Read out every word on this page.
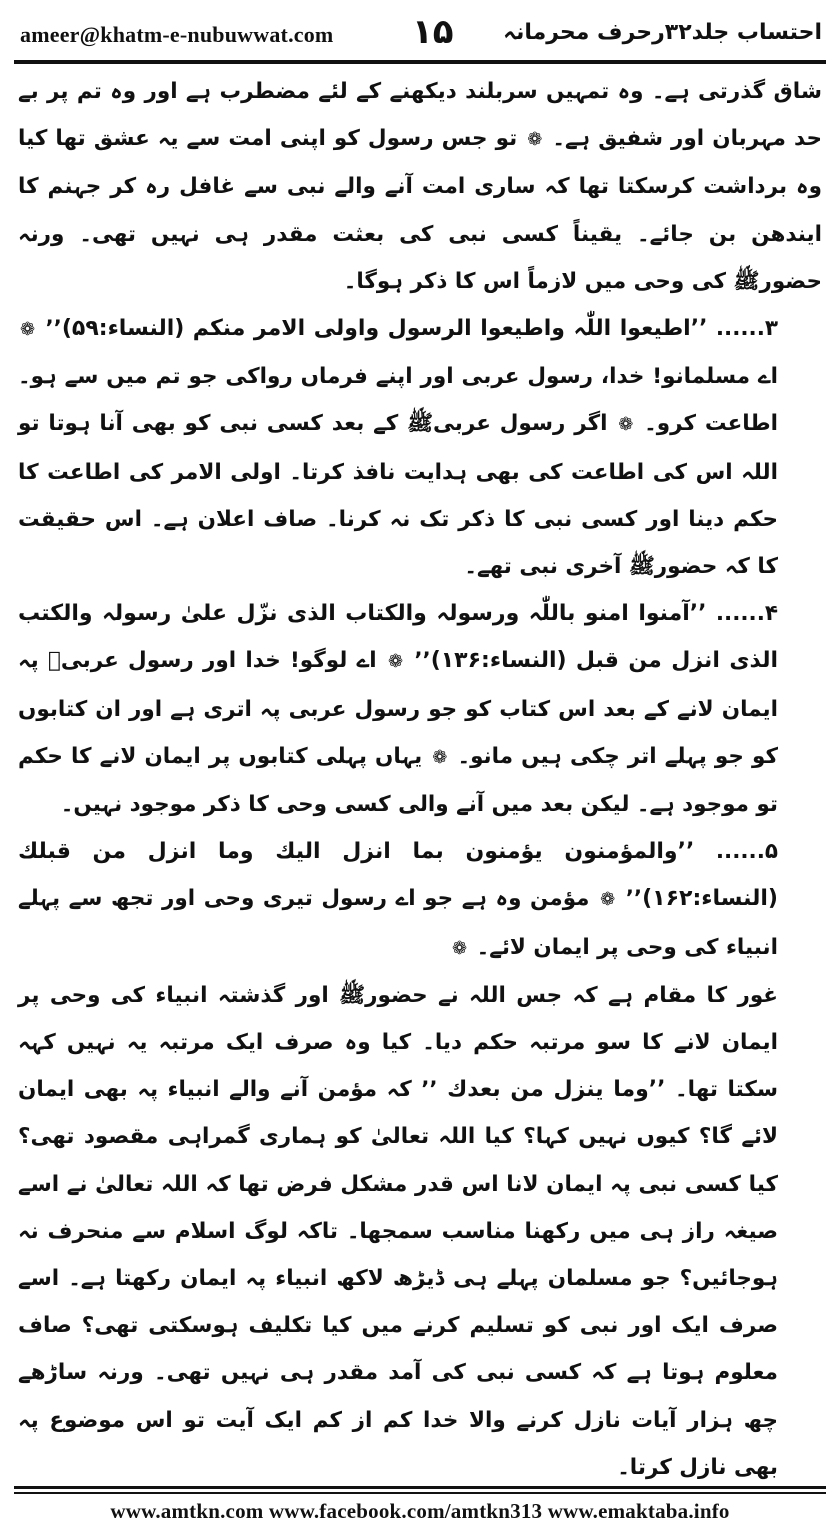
ameer@khatm-e-nubuwwat.com ۱۵ احتساب جلد۳۲رحرف محرمانہ

شاق گذرتی ہے۔ وہ تمہیں سربلند دیکھنے کے لئے مضطرب ہے اور وہ تم پر بے حد مہربان اور شفیق ہے۔ ❁ تو جس رسول کو اپنی امت سے یہ عشق تھا کیا وہ برداشت کرسکتا تھا کہ ساری امت آنے والے نبی سے غافل رہ کر جہنم کا ایندھن بن جائے۔ یقیناً کسی نبی کی بعثت مقدر ہی نہیں تھی۔ ورنہ حضورﷺ کی وحی میں لازماً اس کا ذکر ہوگا۔

۳...... ’’اطیعوا اللّٰہ واطیعوا الرسول واولی الامر منکم (النساء:۵۹)’’ ❁ اے مسلمانو! خدا، رسول عربی اور اپنے فرماں رواکی جو تم میں سے ہو۔ اطاعت کرو۔ ❁ اگر رسول عربیﷺ کے بعد کسی نبی کو بھی آنا ہوتا تو اللہ اس کی اطاعت کی بھی ہدایت نافذ کرتا۔ اولی الامر کی اطاعت کا حکم دینا اور کسی نبی کا ذکر تک نہ کرنا۔ صاف اعلان ہے۔ اس حقیقت کا کہ حضورﷺ آخری نبی تھے۔

۴...... ’’آمنوا امنو باللّٰہ ورسولہ والکتاب الذی نزّل علیٰ رسولہ والکتب الذی انزل من قبل (النساء:۱۳۶)’’ ❁ اے لوگو! خدا اور رسول عربیؐ پہ ایمان لانے کے بعد اس کتاب کو جو رسول عربی پہ اتری ہے اور ان کتابوں کو جو پہلے اتر چکی ہیں مانو۔ ❁ یہاں پہلی کتابوں پر ایمان لانے کا حکم تو موجود ہے۔ لیکن بعد میں آنے والی کسی وحی کا ذکر موجود نہیں۔

۵...... ’’والمؤمنون یؤمنون بما انزل الیك وما انزل من قبلك (النساء:۱۶۲)’’ ❁ مؤمن وہ ہے جو اے رسول تیری وحی اور تجھ سے پہلے انبیاء کی وحی پر ایمان لائے۔ ❁

غور کا مقام ہے کہ جس اللہ نے حضورﷺ اور گذشتہ انبیاء کی وحی پر ایمان لانے کا سو مرتبہ حکم دیا۔ کیا وہ صرف ایک مرتبہ یہ نہیں کہہ سکتا تھا۔ ’’وما ینزل من بعدك ’’ کہ مؤمن آنے والے انبیاء پہ بھی ایمان لائے گا؟ کیوں نہیں کہا؟ کیا اللہ تعالیٰ کو ہماری گمراہی مقصود تھی؟ کیا کسی نبی پہ ایمان لانا اس قدر مشکل فرض تھا کہ اللہ تعالیٰ نے اسے صیغہ راز ہی میں رکھنا مناسب سمجھا۔ تاکہ لوگ اسلام سے منحرف نہ ہوجائیں؟ جو مسلمان پہلے ہی ڈیڑھ لاکھ انبیاء پہ ایمان رکھتا ہے۔ اسے صرف ایک اور نبی کو تسلیم کرنے میں کیا تکلیف ہوسکتی تھی؟ صاف معلوم ہوتا ہے کہ کسی نبی کی آمد مقدر ہی نہیں تھی۔ ورنہ ساڑھے چھ ہزار آیات نازل کرنے والا خدا کم از کم ایک آیت تو اس موضوع پہ بھی نازل کرتا۔

www.amtkn.com www.facebook.com/amtkn313 www.emaktaba.info
